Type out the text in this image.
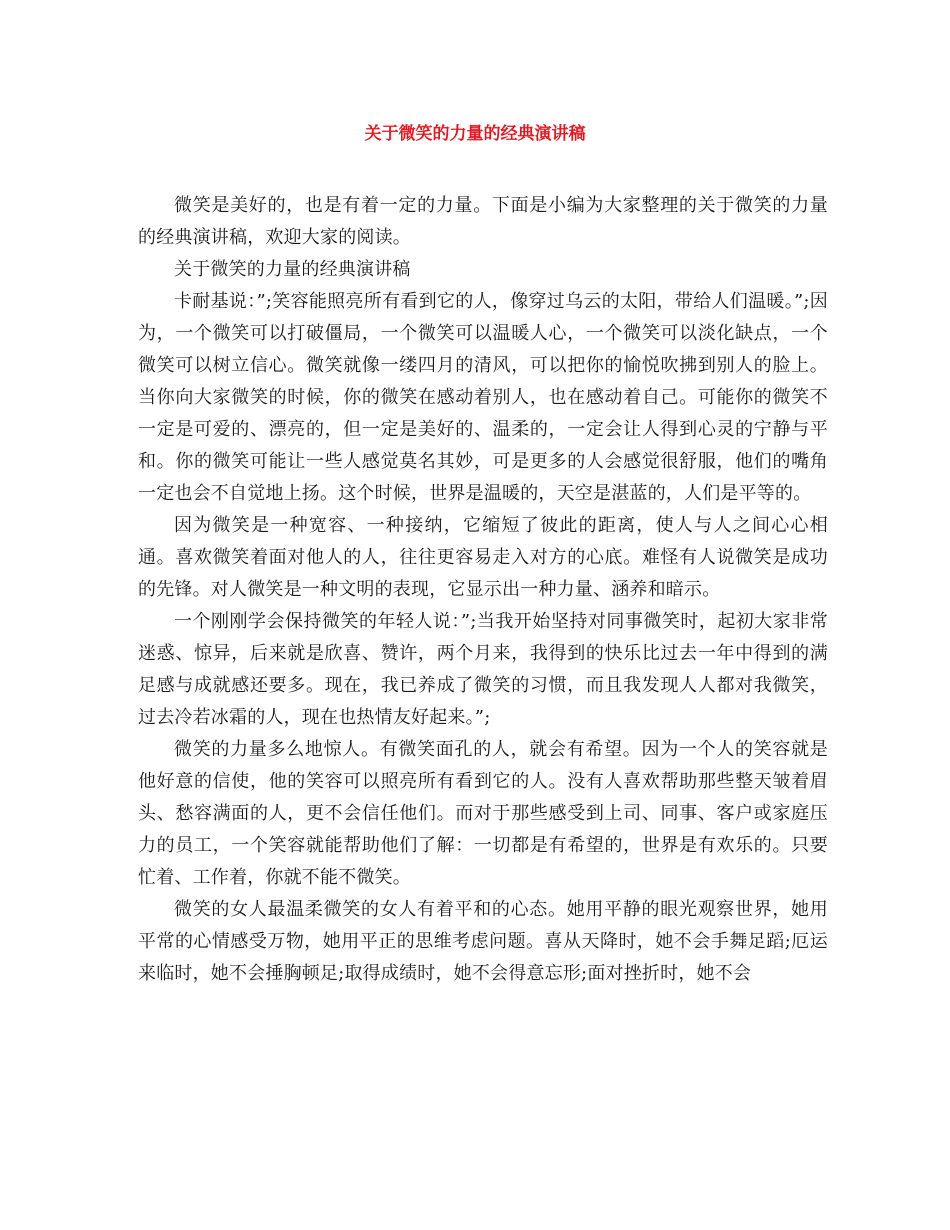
关于微笑的力量的经典演讲稿

微笑是美好的，也是有着一定的力量。下面是小编为大家整理的关于微笑的力量的经典演讲稿，欢迎大家的阅读。

关于微笑的力量的经典演讲稿

卡耐基说：”;笑容能照亮所有看到它的人，像穿过乌云的太阳，带给人们温暖。”;因为，一个微笑可以打破僵局，一个微笑可以温暖人心，一个微笑可以淡化缺点，一个微笑可以树立信心。微笑就像一缕四月的清风，可以把你的愉悦吹拂到别人的脸上。当你向大家微笑的时候，你的微笑在感动着别人，也在感动着自己。可能你的微笑不一定是可爱的、漂亮的，但一定是美好的、温柔的，一定会让人得到心灵的宁静与平和。你的微笑可能让一些人感觉莫名其妙，可是更多的人会感觉很舒服，他们的嘴角一定也会不自觉地上扬。这个时候，世界是温暖的，天空是湛蓝的，人们是平等的。

因为微笑是一种宽容、一种接纳，它缩短了彼此的距离，使人与人之间心心相通。喜欢微笑着面对他人的人，往往更容易走入对方的心底。难怪有人说微笑是成功的先锋。对人微笑是一种文明的表现，它显示出一种力量、涵养和暗示。

一个刚刚学会保持微笑的年轻人说：”;当我开始坚持对同事微笑时，起初大家非常迷惑、惊异，后来就是欣喜、赞许，两个月来，我得到的快乐比过去一年中得到的满足感与成就感还要多。现在，我已养成了微笑的习惯，而且我发现人人都对我微笑，过去冷若冰霜的人，现在也热情友好起来。”;

微笑的力量多么地惊人。有微笑面孔的人，就会有希望。因为一个人的笑容就是他好意的信使，他的笑容可以照亮所有看到它的人。没有人喜欢帮助那些整天皱着眉头、愁容满面的人，更不会信任他们。而对于那些感受到上司、同事、客户或家庭压力的员工，一个笑容就能帮助他们了解：一切都是有希望的，世界是有欢乐的。只要忙着、工作着，你就不能不微笑。

微笑的女人最温柔微笑的女人有着平和的心态。她用平静的眼光观察世界，她用平常的心情感受万物，她用平正的思维考虑问题。喜从天降时，她不会手舞足蹈;厄运来临时，她不会捶胸顿足;取得成绩时，她不会得意忘形;面对挫折时，她不会
